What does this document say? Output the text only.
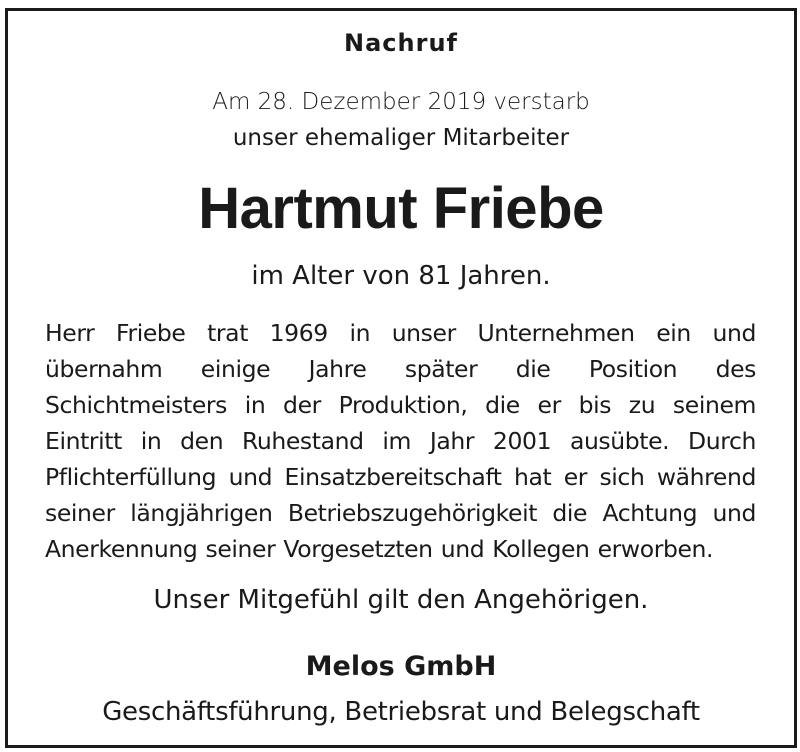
Nachruf
Am 28. Dezember 2019 verstarb
unser ehemaliger Mitarbeiter
Hartmut Friebe
im Alter von 81 Jahren.
Herr Friebe trat 1969 in unser Unternehmen ein und übernahm einige Jahre später die Position des Schichtmeisters in der Produktion, die er bis zu seinem Eintritt in den Ruhestand im Jahr 2001 ausübte. Durch Pflichterfüllung und Einsatzbereitschaft hat er sich während seiner längjährigen Betriebszugehörigkeit die Achtung und Anerkennung seiner Vorgesetzten und Kollegen erworben.
Unser Mitgefühl gilt den Angehörigen.
Melos GmbH
Geschäftsführung, Betriebsrat und Belegschaft
